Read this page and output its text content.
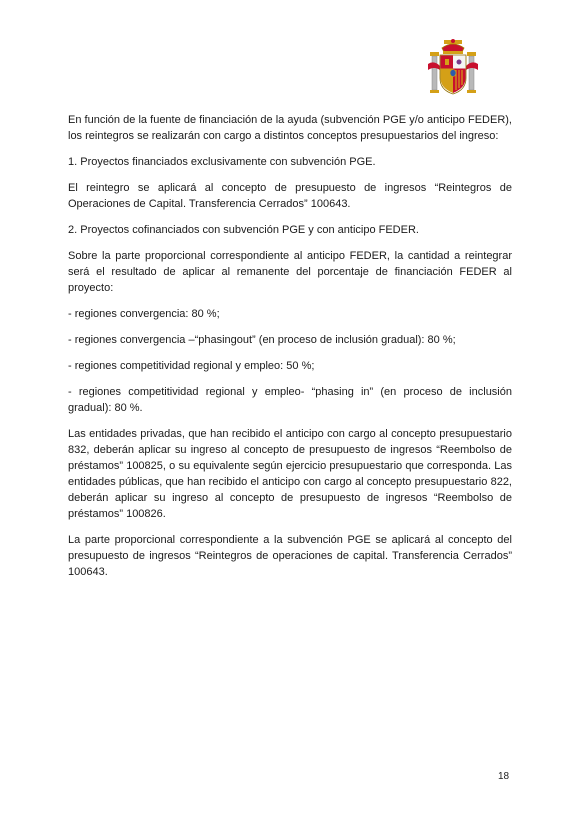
En función de la fuente de financiación de la ayuda (subvención PGE y/o anticipo FEDER), los reintegros se realizarán con cargo a distintos conceptos presupuestarios del ingreso:

1. Proyectos financiados exclusivamente con subvención PGE.

El reintegro se aplicará al concepto de presupuesto de ingresos “Reintegros de Operaciones de Capital. Transferencia Cerrados” 100643.

2. Proyectos cofinanciados con subvención PGE y con anticipo FEDER.

Sobre la parte proporcional correspondiente al anticipo FEDER, la cantidad a reintegrar será el resultado de aplicar al remanente del porcentaje de financiación FEDER al proyecto:

- regiones convergencia: 80 %;

- regiones convergencia –“phasingout” (en proceso de inclusión gradual): 80 %;

- regiones competitividad regional y empleo: 50 %;

- regiones competitividad regional y empleo- “phasing in” (en proceso de inclusión gradual): 80 %.

Las entidades privadas, que han recibido el anticipo con cargo al concepto presupuestario 832, deberán aplicar su ingreso al concepto de presupuesto de ingresos “Reembolso de préstamos” 100825, o su equivalente según ejercicio presupuestario que corresponda. Las entidades públicas, que han recibido el anticipo con cargo al concepto presupuestario 822, deberán aplicar su ingreso al concepto de presupuesto de ingresos “Reembolso de préstamos” 100826.

La parte proporcional correspondiente a la subvención PGE se aplicará al concepto del presupuesto de ingresos “Reintegros de operaciones de capital. Transferencia Cerrados” 100643.

18
